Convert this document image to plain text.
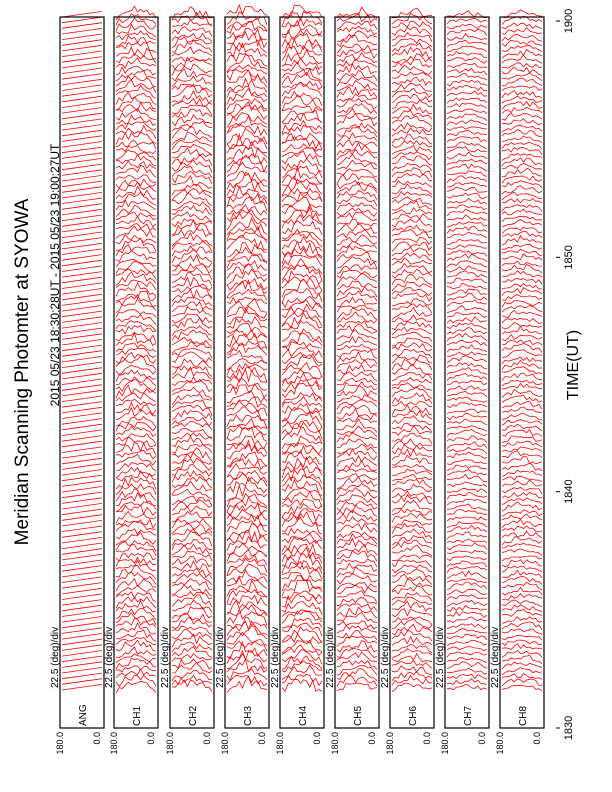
180.0	0.0
ANG
22.5 (deg)/div
180.0	0.0
CH1
22.5 (deg)/div
180.0	0.0
CH2
22.5 (deg)/div
180.0	0.0
CH3
22.5 (deg)/div
180.0	0.0
CH4
22.5 (deg)/div
180.0	0.0
CH5
22.5 (deg)/div
180.0	0.0
CH6
22.5 (deg)/div
180.0	0.0
CH7
22.5 (deg)/div
180.0	0.0
CH8
22.5 (deg)/div
1830
1840
1850
1900
Meridian Scanning Photomter at SYOWA 2015 05/23 18:30:28UT - 2015 05/23 19:00:27UT	TIME(UT)
